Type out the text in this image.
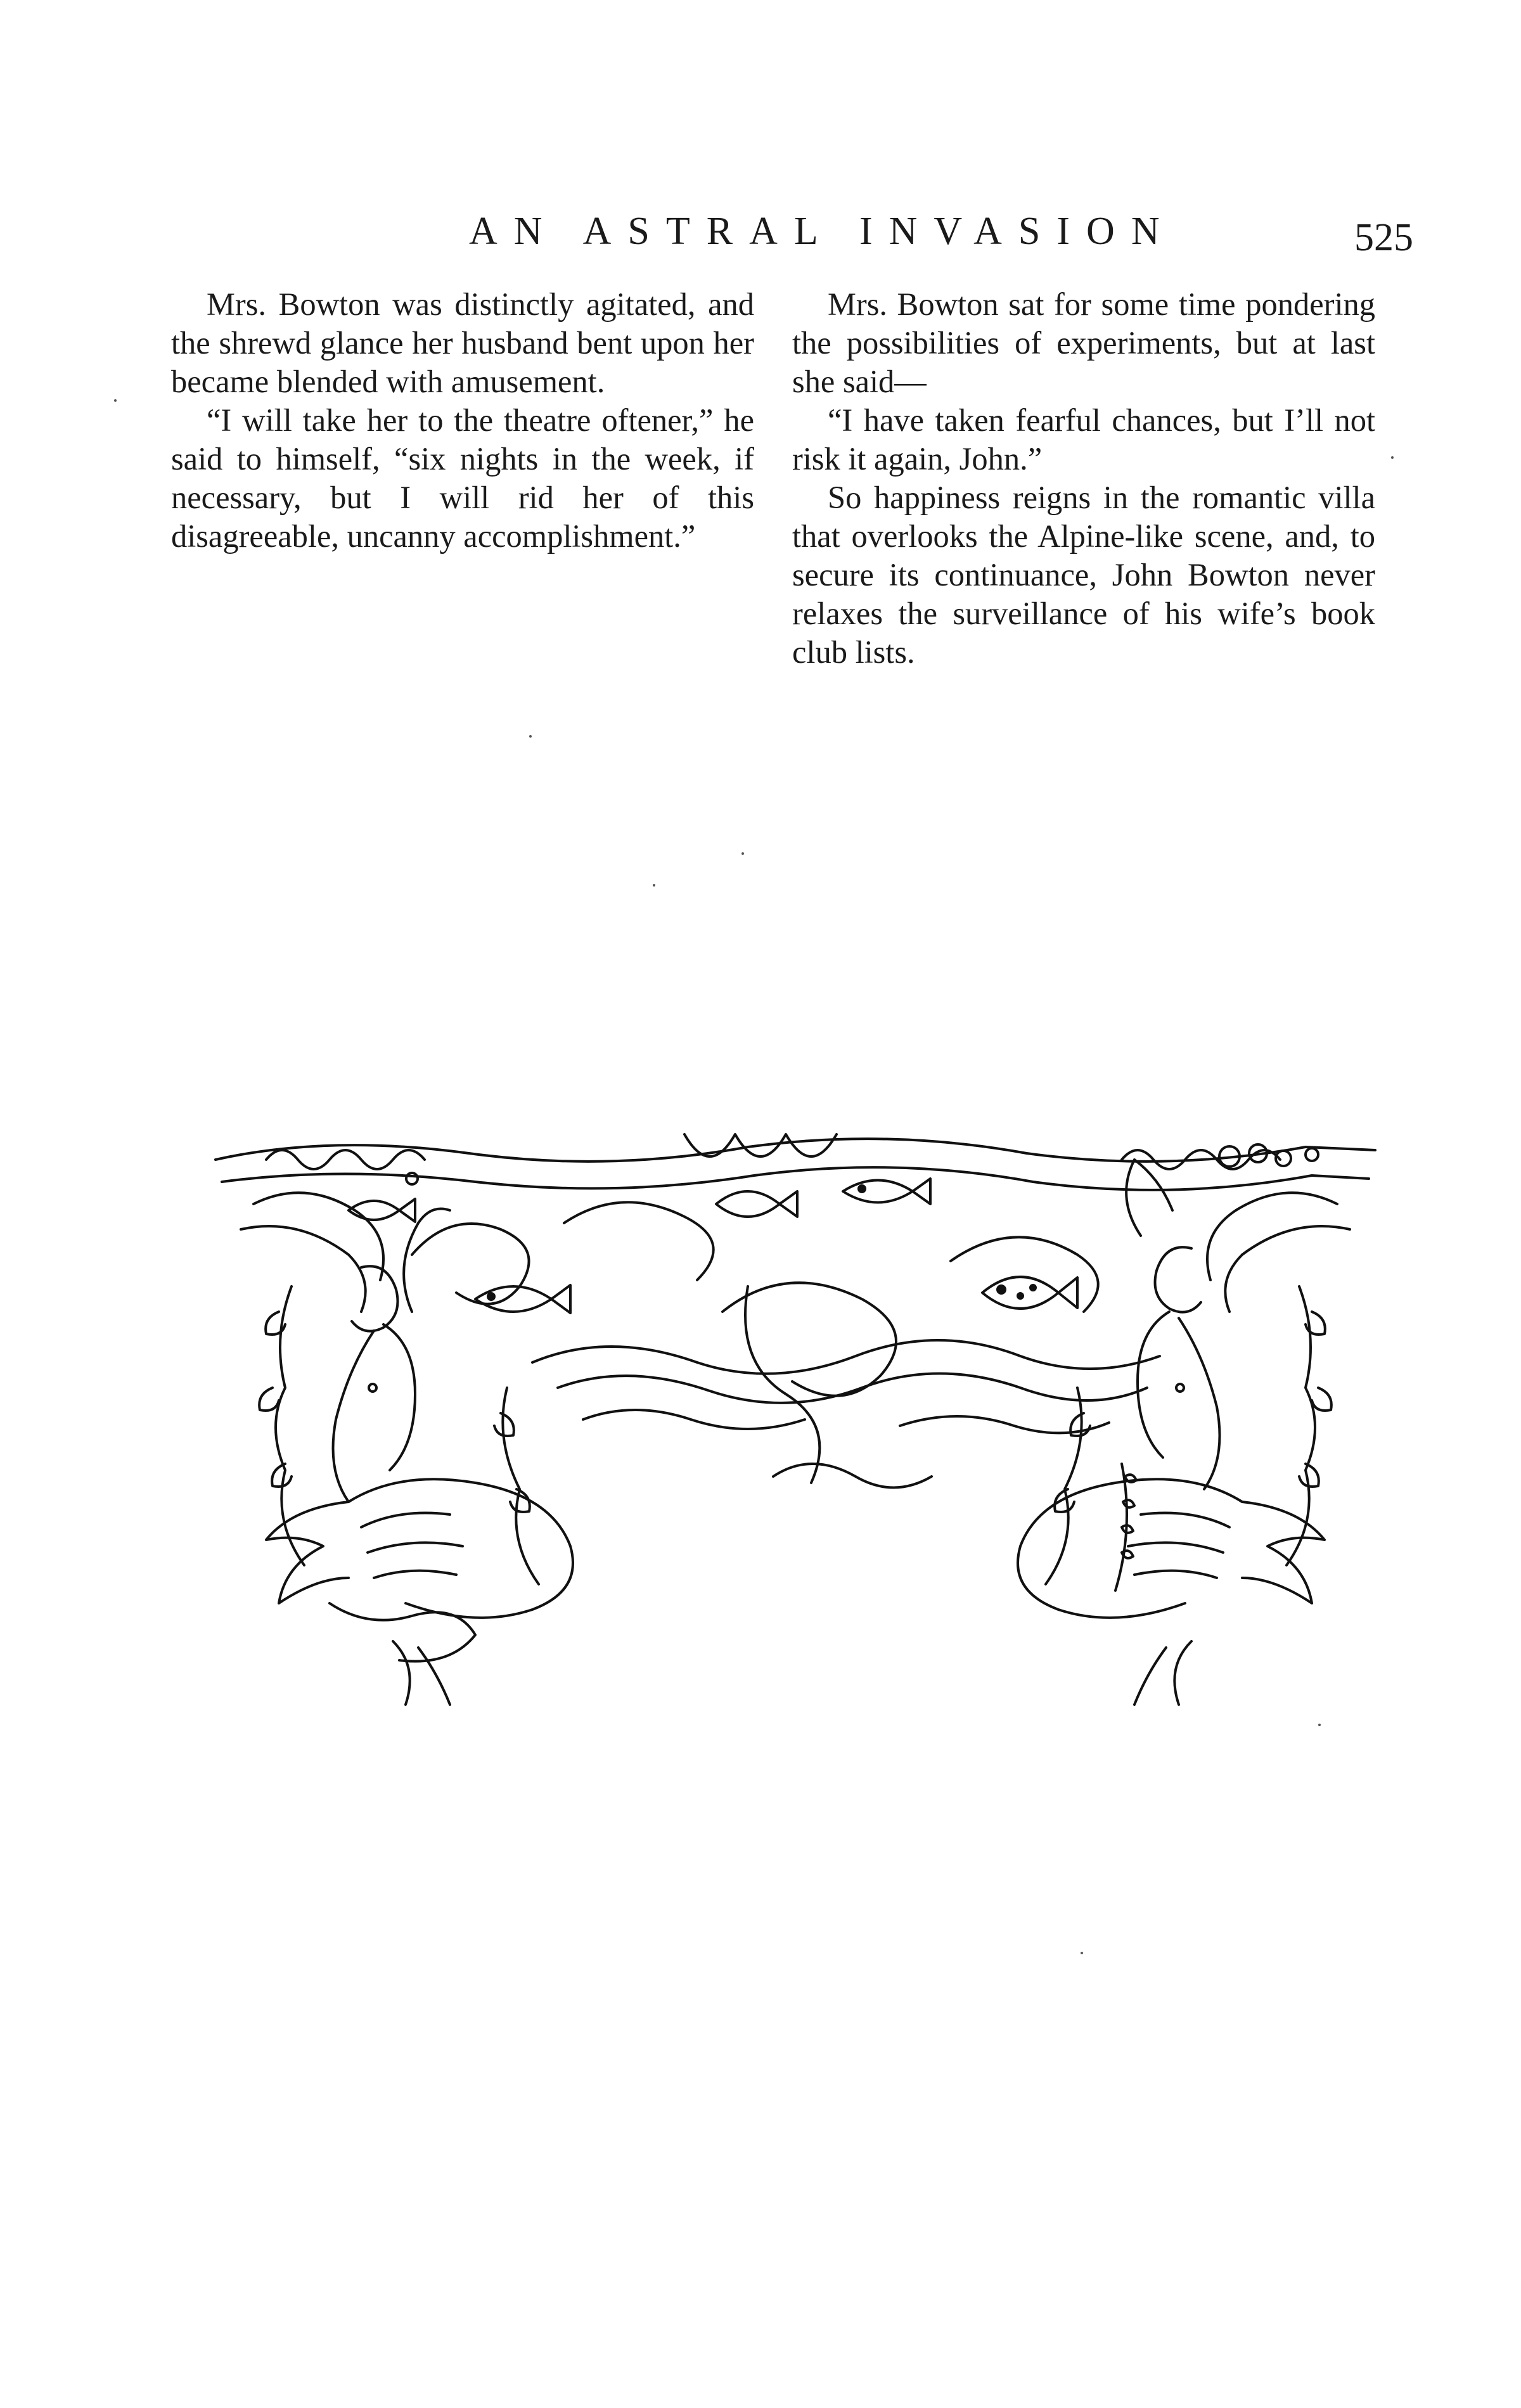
AN ASTRAL INVASION	525

Mrs. Bowton was distinctly agitated, and the shrewd glance her husband bent upon her became blended with amusement.

“I will take her to the theatre oftener,” he said to himself, “six nights in the week, if necessary, but I will rid her of this disagreeable, uncanny accomplishment.”

Mrs. Bowton sat for some time pondering the possibilities of experiments, but at last she said—

“I have taken fearful chances, but I’ll not risk it again, John.”

So happiness reigns in the romantic villa that overlooks the Alpine-like scene, and, to secure its continuance, John Bowton never relaxes the surveillance of his wife’s book club lists.
